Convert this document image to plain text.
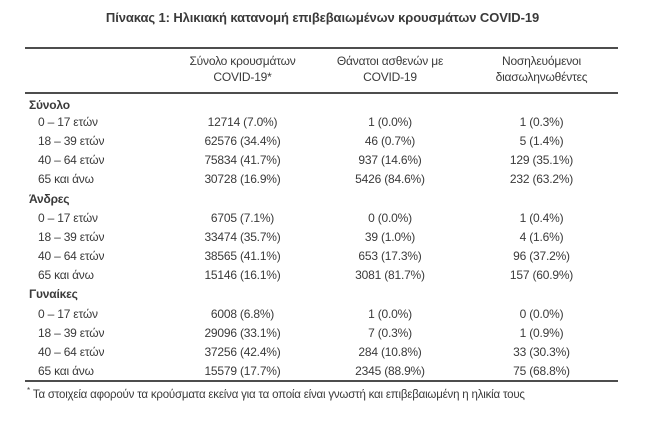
Πίνακας 1: Ηλικιακή κατανομή επιβεβαιωμένων κρουσμάτων COVID-19

Σύνολο κρουσμάτων
COVID-19*

Θάνατοι ασθενών με
COVID-19

Νοσηλευόμενοι
διασωληνωθέντες

Σύνολο			
0 – 17 ετών	12714 (7.0%)	1 (0.0%)	1 (0.3%)
18 – 39 ετών	62576 (34.4%)	46 (0.7%)	5 (1.4%)
40 – 64 ετών	75834 (41.7%)	937 (14.6%)	129 (35.1%)
65 και άνω	30728 (16.9%)	5426 (84.6%)	232 (63.2%)
Άνδρες			
0 – 17 ετών	6705 (7.1%)	0 (0.0%)	1 (0.4%)
18 – 39 ετών	33474 (35.7%)	39 (1.0%)	4 (1.6%)
40 – 64 ετών	38565 (41.1%)	653 (17.3%)	96 (37.2%)
65 και άνω	15146 (16.1%)	3081 (81.7%)	157 (60.9%)
Γυναίκες			
0 – 17 ετών	6008 (6.8%)	1 (0.0%)	0 (0.0%)
18 – 39 ετών	29096 (33.1%)	7 (0.3%)	1 (0.9%)
40 – 64 ετών	37256 (42.4%)	284 (10.8%)	33 (30.3%)
65 και άνω	15579 (17.7%)	2345 (88.9%)	75 (68.8%)
* Τα στοιχεία αφορούν τα κρούσματα εκείνα για τα οποία είναι γνωστή και επιβεβαιωμένη η ηλικία τους
